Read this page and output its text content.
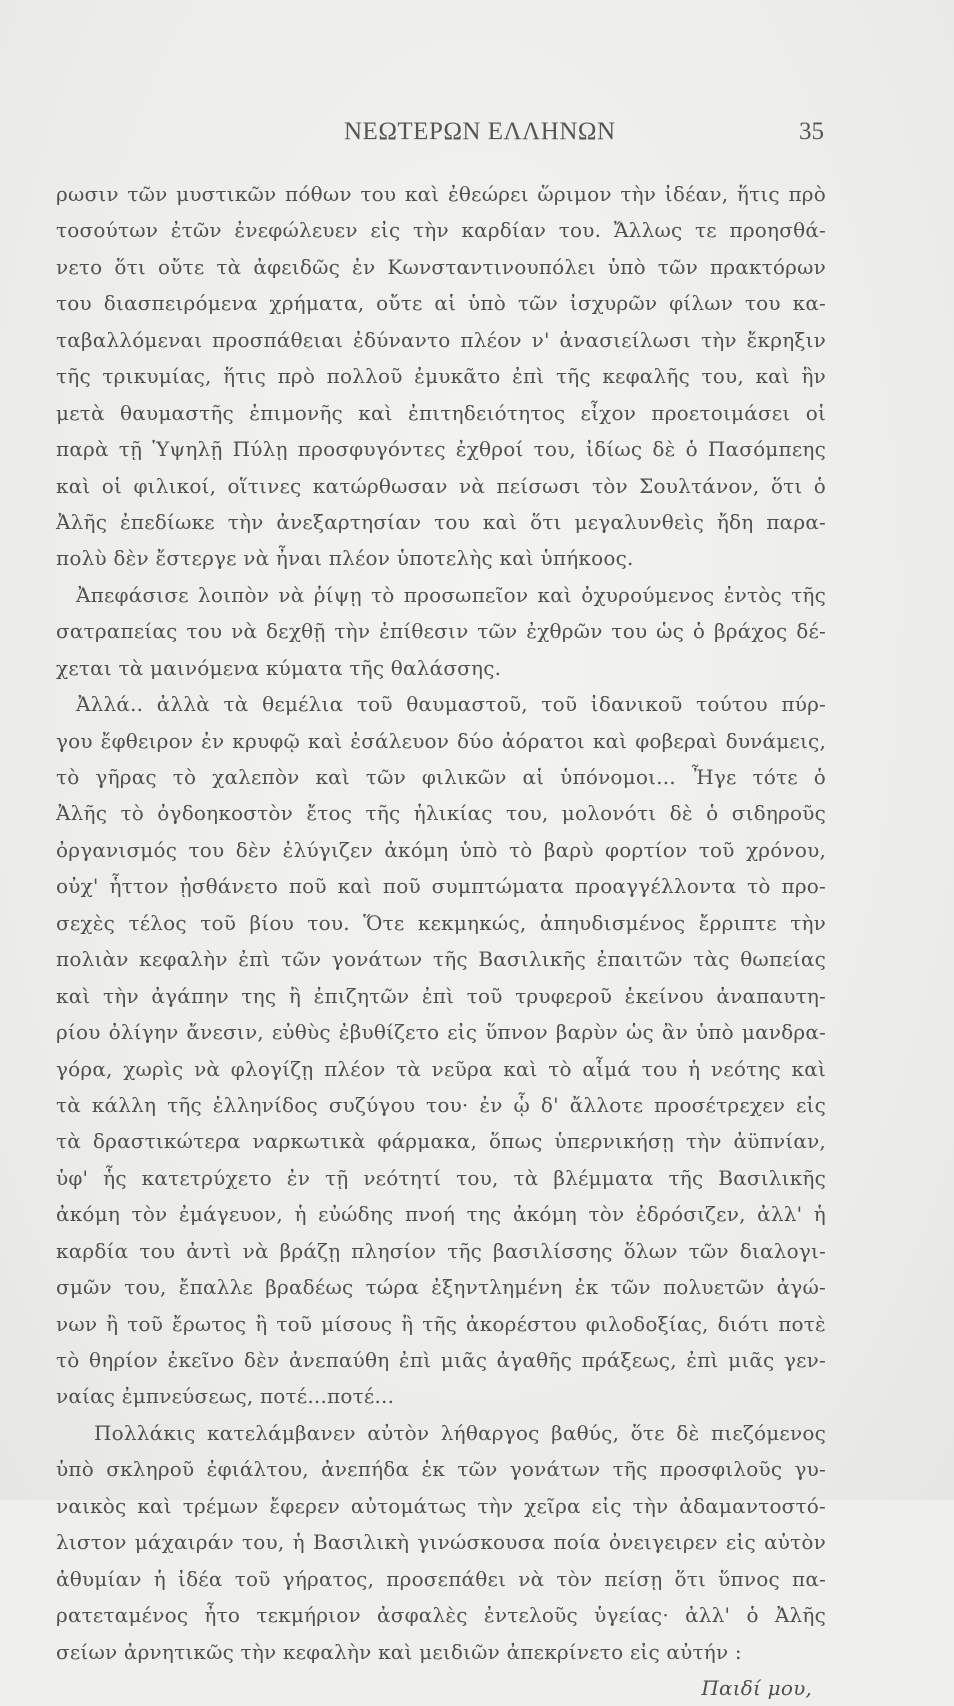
ΝΕΩΤΕΡΩΝ ΕΛΛΗΝΩΝ	35
ρωσιν τῶν μυστικῶν πόθων του καὶ ἐθεώρει ὥριμον τὴν ἰδέαν, ἥτις πρὸ
τοσούτων ἐτῶν ἐνεφώλευεν εἰς τὴν καρδίαν του. Ἄλλως τε προησθά-
νετο ὅτι οὔτε τὰ ἀφειδῶς ἐν Κωνσταντινουπόλει ὑπὸ τῶν πρακτόρων
του διασπειρόμενα χρήματα, οὔτε αἱ ὑπὸ τῶν ἰσχυρῶν φίλων του κα-
ταβαλλόμεναι προσπάθειαι ἐδύναντο πλέον ν' ἀνασιείλωσι τὴν ἔκρηξιν
τῆς τρικυμίας, ἥτις πρὸ πολλοῦ ἐμυκᾶτο ἐπὶ τῆς κεφαλῆς του, καὶ ἣν
μετὰ θαυμαστῆς ἐπιμονῆς καὶ ἐπιτηδειότητος εἶχον προετοιμάσει οἱ
παρὰ τῇ Ὑψηλῇ Πύλῃ προσφυγόντες ἐχθροί του, ἰδίως δὲ ὁ Πασόμπεης
καὶ οἱ φιλικοί, οἵτινες κατώρθωσαν νὰ πείσωσι τὸν Σουλτάνον, ὅτι ὁ
Ἀλῆς ἐπεδίωκε τὴν ἀνεξαρτησίαν του καὶ ὅτι μεγαλυνθεὶς ἤδη παρα-
πολὺ δὲν ἔστεργε νὰ ἦναι πλέον ὑποτελὴς καὶ ὑπήκοος.
Ἀπεφάσισε λοιπὸν νὰ ῥίψῃ τὸ προσωπεῖον καὶ ὀχυρούμενος ἐντὸς τῆς
σατραπείας του νὰ δεχθῇ τὴν ἐπίθεσιν τῶν ἐχθρῶν του ὡς ὁ βράχος δέ-
χεται τὰ μαινόμενα κύματα τῆς θαλάσσης.
Ἀλλά.. ἀλλὰ τὰ θεμέλια τοῦ θαυμαστοῦ, τοῦ ἰδανικοῦ τούτου πύρ-
γου ἔφθειρον ἐν κρυφῷ καὶ ἐσάλευον δύο ἀόρατοι καὶ φοβεραὶ δυνάμεις,
τὸ γῆρας τὸ χαλεπὸν καὶ τῶν φιλικῶν αἱ ὑπόνομοι... Ἦγε τότε ὁ
Ἀλῆς τὸ ὀγδοηκοστὸν ἔτος τῆς ἡλικίας του, μολονότι δὲ ὁ σιδηροῦς
ὀργανισμός του δὲν ἐλύγιζεν ἀκόμη ὑπὸ τὸ βαρὺ φορτίον τοῦ χρόνου,
οὐχ' ἧττον ᾐσθάνετο ποῦ καὶ ποῦ συμπτώματα προαγγέλλοντα τὸ προ-
σεχὲς τέλος τοῦ βίου του. Ὅτε κεκμηκώς, ἀπηυδισμένος ἔρριπτε τὴν
πολιὰν κεφαλὴν ἐπὶ τῶν γονάτων τῆς Βασιλικῆς ἐπαιτῶν τὰς θωπείας
καὶ τὴν ἀγάπην της ἢ ἐπιζητῶν ἐπὶ τοῦ τρυφεροῦ ἐκείνου ἀναπαυτη-
ρίου ὀλίγην ἄνεσιν, εὐθὺς ἐβυθίζετο εἰς ὕπνον βαρὺν ὡς ἂν ὑπὸ μανδρα-
γόρα, χωρὶς νὰ φλογίζῃ πλέον τὰ νεῦρα καὶ τὸ αἷμά του ἡ νεότης καὶ
τὰ κάλλη τῆς ἑλληνίδος συζύγου του· ἐν ᾧ δ' ἄλλοτε προσέτρεχεν εἰς
τὰ δραστικώτερα ναρκωτικὰ φάρμακα, ὅπως ὑπερνικήσῃ τὴν ἀϋπνίαν,
ὑφ' ἧς κατετρύχετο ἐν τῇ νεότητί του, τὰ βλέμματα τῆς Βασιλικῆς
ἀκόμη τὸν ἐμάγευον, ἡ εὐώδης πνοή της ἀκόμη τὸν ἐδρόσιζεν, ἀλλ' ἡ
καρδία του ἀντὶ νὰ βράζῃ πλησίον τῆς βασιλίσσης ὅλων τῶν διαλογι-
σμῶν του, ἔπαλλε βραδέως τώρα ἐξηντλημένη ἐκ τῶν πολυετῶν ἀγώ-
νων ἢ τοῦ ἔρωτος ἢ τοῦ μίσους ἢ τῆς ἀκορέστου φιλοδοξίας, διότι ποτὲ
τὸ θηρίον ἐκεῖνο δὲν ἀνεπαύθη ἐπὶ μιᾶς ἀγαθῆς πράξεως, ἐπὶ μιᾶς γεν-
ναίας ἐμπνεύσεως, ποτέ...ποτέ...
Πολλάκις κατελάμβανεν αὐτὸν λήθαργος βαθύς, ὅτε δὲ πιεζόμενος
ὑπὸ σκληροῦ ἐφιάλτου, ἀνεπήδα ἐκ τῶν γονάτων τῆς προσφιλοῦς γυ-
ναικὸς καὶ τρέμων ἔφερεν αὐτομάτως τὴν χεῖρα εἰς τὴν ἀδαμαντοστό-
λιστον μάχαιράν του, ἡ Βασιλικὴ γινώσκουσα ποία ὀνειγειρεν εἰς αὐτὸν
ἀθυμίαν ἡ ἰδέα τοῦ γήρατος, προσεπάθει νὰ τὸν πείσῃ ὅτι ὕπνος πα-
ρατεταμένος ἦτο τεκμήριον ἀσφαλὲς ἐντελοῦς ὑγείας· ἀλλ' ὁ Ἀλῆς
σείων ἀρνητικῶς τὴν κεφαλὴν καὶ μειδιῶν ἀπεκρίνετο εἰς αὐτήν :
Παιδί μου,
